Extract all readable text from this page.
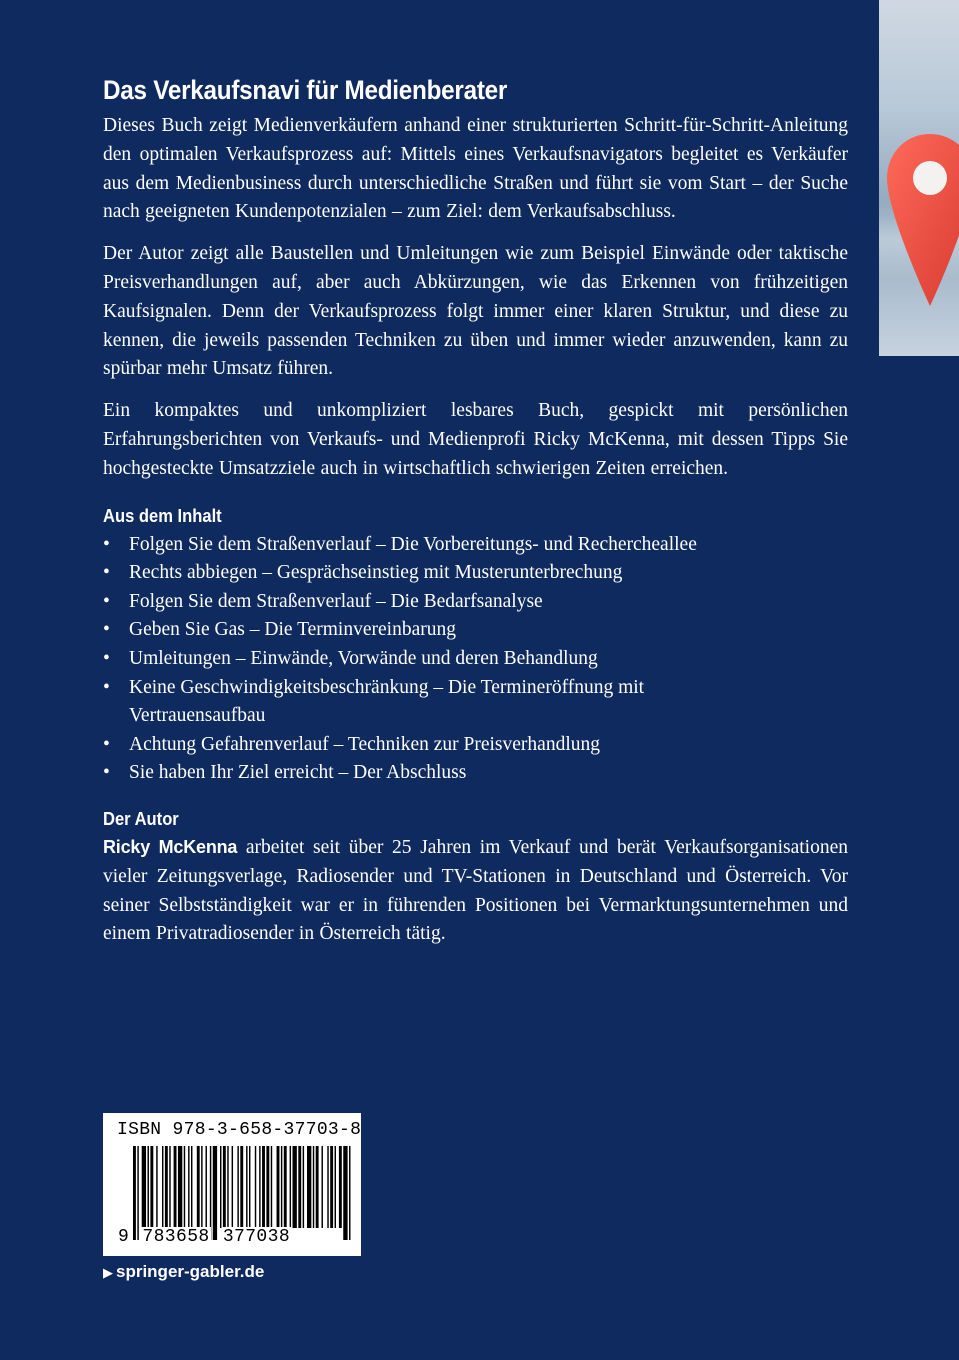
Das Verkaufsnavi für Medienberater

Dieses Buch zeigt Medienverkäufern anhand einer strukturierten Schritt-für-Schritt-Anleitung den optimalen Verkaufsprozess auf: Mittels eines Verkaufsnavigators begleitet es Verkäufer aus dem Medienbusiness durch unterschiedliche Straßen und führt sie vom Start – der Suche nach geeigneten Kundenpotenzialen – zum Ziel: dem Verkaufsabschluss.

Der Autor zeigt alle Baustellen und Umleitungen wie zum Beispiel Einwände oder taktische Preisverhandlungen auf, aber auch Abkürzungen, wie das Erkennen von frühzeitigen Kaufsignalen. Denn der Verkaufsprozess folgt immer einer klaren Struktur, und diese zu kennen, die jeweils passenden Techniken zu üben und immer wieder anzuwenden, kann zu spürbar mehr Umsatz führen.

Ein kompaktes und unkompliziert lesbares Buch, gespickt mit persönlichen Erfahrungsberichten von Verkaufs- und Medienprofi Ricky McKenna, mit dessen Tipps Sie hochgesteckte Umsatzziele auch in wirtschaftlich schwierigen Zeiten erreichen.

Aus dem Inhalt
• Folgen Sie dem Straßenverlauf – Die Vorbereitungs- und Rechercheallee
• Rechts abbiegen – Gesprächseinstieg mit Musterunterbrechung
• Folgen Sie dem Straßenverlauf – Die Bedarfsanalyse
• Geben Sie Gas – Die Terminvereinbarung
• Umleitungen – Einwände, Vorwände und deren Behandlung
• Keine Geschwindigkeitsbeschränkung – Die Terminеröffnung mit Vertrauensaufbau
• Achtung Gefahrenverlauf – Techniken zur Preisverhandlung
• Sie haben Ihr Ziel erreicht – Der Abschluss
Der Autor

Ricky McKenna arbeitet seit über 25 Jahren im Verkauf und berät Verkaufsorganisationen vieler Zeitungsverlage, Radiosender und TV-Stationen in Deutschland und Österreich. Vor seiner Selbstständigkeit war er in führenden Positionen bei Vermarktungsunternehmen und einem Privatradiosender in Österreich tätig.

ISBN 978-3-658-37703-8
9 783658 377038
▶ springer-gabler.de
